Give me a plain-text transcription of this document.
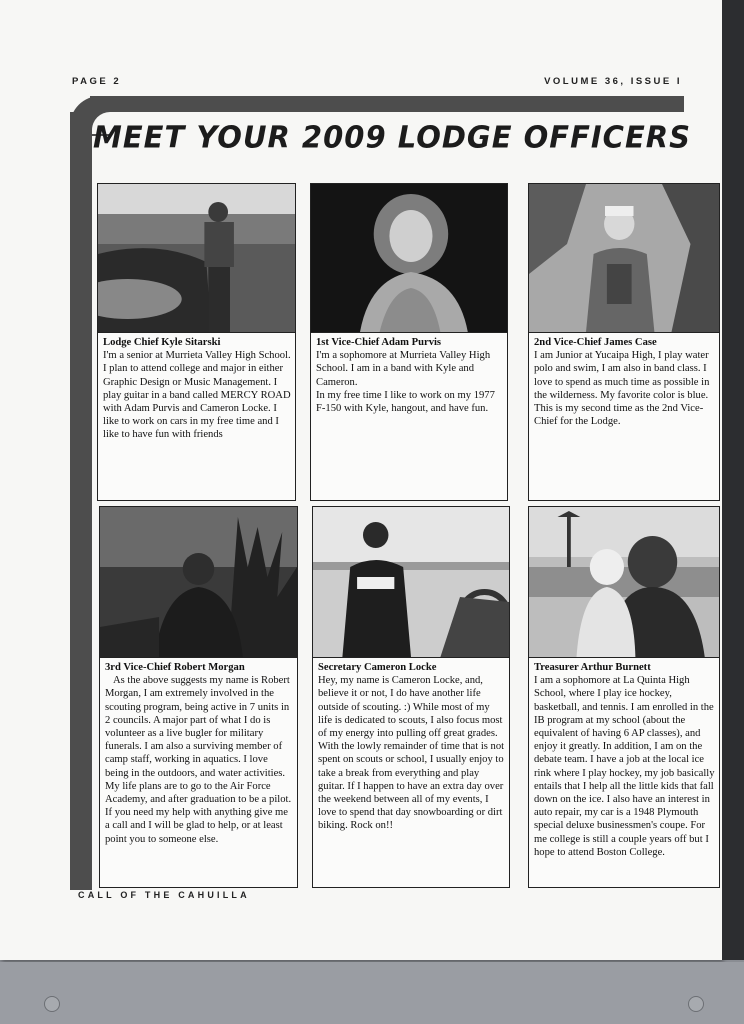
PAGE 2	VOLUME 36, ISSUE I
MEET YOUR 2009 LODGE OFFICERS
Lodge Chief Kyle Sitarski

I'm a senior at Murrieta Valley High School. I plan to attend college and major in either Graphic Design or Music Management. I play guitar in a band called MERCY ROAD with Adam Purvis and Cameron Locke. I like to work on cars in my free time and I like to have fun with friends

1st Vice-Chief Adam Purvis

I'm a sophomore at Murrieta Valley High School. I am in a band with Kyle and Cameron.

In my free time I like to work on my 1977 F-150 with Kyle, hangout, and have fun.

2nd Vice-Chief James Case

I am Junior at Yucaipa High, I play water polo and swim, I am also in band class. I love to spend as much time as possible in the wilderness. My favorite color is blue. This is my second time as the 2nd Vice-Chief for the Lodge.

3rd Vice-Chief Robert Morgan

As the above suggests my name is Robert Morgan, I am extremely involved in the scouting program, being active in 7 units in 2 councils. A major part of what I do is volunteer as a live bugler for military funerals. I am also a surviving member of camp staff, working in aquatics. I love being in the outdoors, and water activities. My life plans are to go to the Air Force Academy, and after graduation to be a pilot. If you need my help with anything give me a call and I will be glad to help, or at least point you to someone else.

Secretary Cameron Locke

Hey, my name is Cameron Locke, and, believe it or not, I do have another life outside of scouting. :) While most of my life is dedicated to scouts, I also focus most of my energy into pulling off great grades. With the lowly remainder of time that is not spent on scouts or school, I usually enjoy to take a break from everything and play guitar. If I happen to have an extra day over the weekend between all of my events, I love to spend that day snowboarding or dirt biking. Rock on!!

Treasurer Arthur Burnett

I am a sophomore at La Quinta High School, where I play ice hockey, basketball, and tennis. I am enrolled in the IB program at my school (about the equivalent of having 6 AP classes), and enjoy it greatly. In addition, I am on the debate team. I have a job at the local ice rink where I play hockey, my job basically entails that I help all the little kids that fall down on the ice. I also have an interest in auto repair, my car is a 1948 Plymouth special deluxe businessmen's coupe. For me college is still a couple years off but I hope to attend Boston College.

CALL OF THE CAHUILLA
